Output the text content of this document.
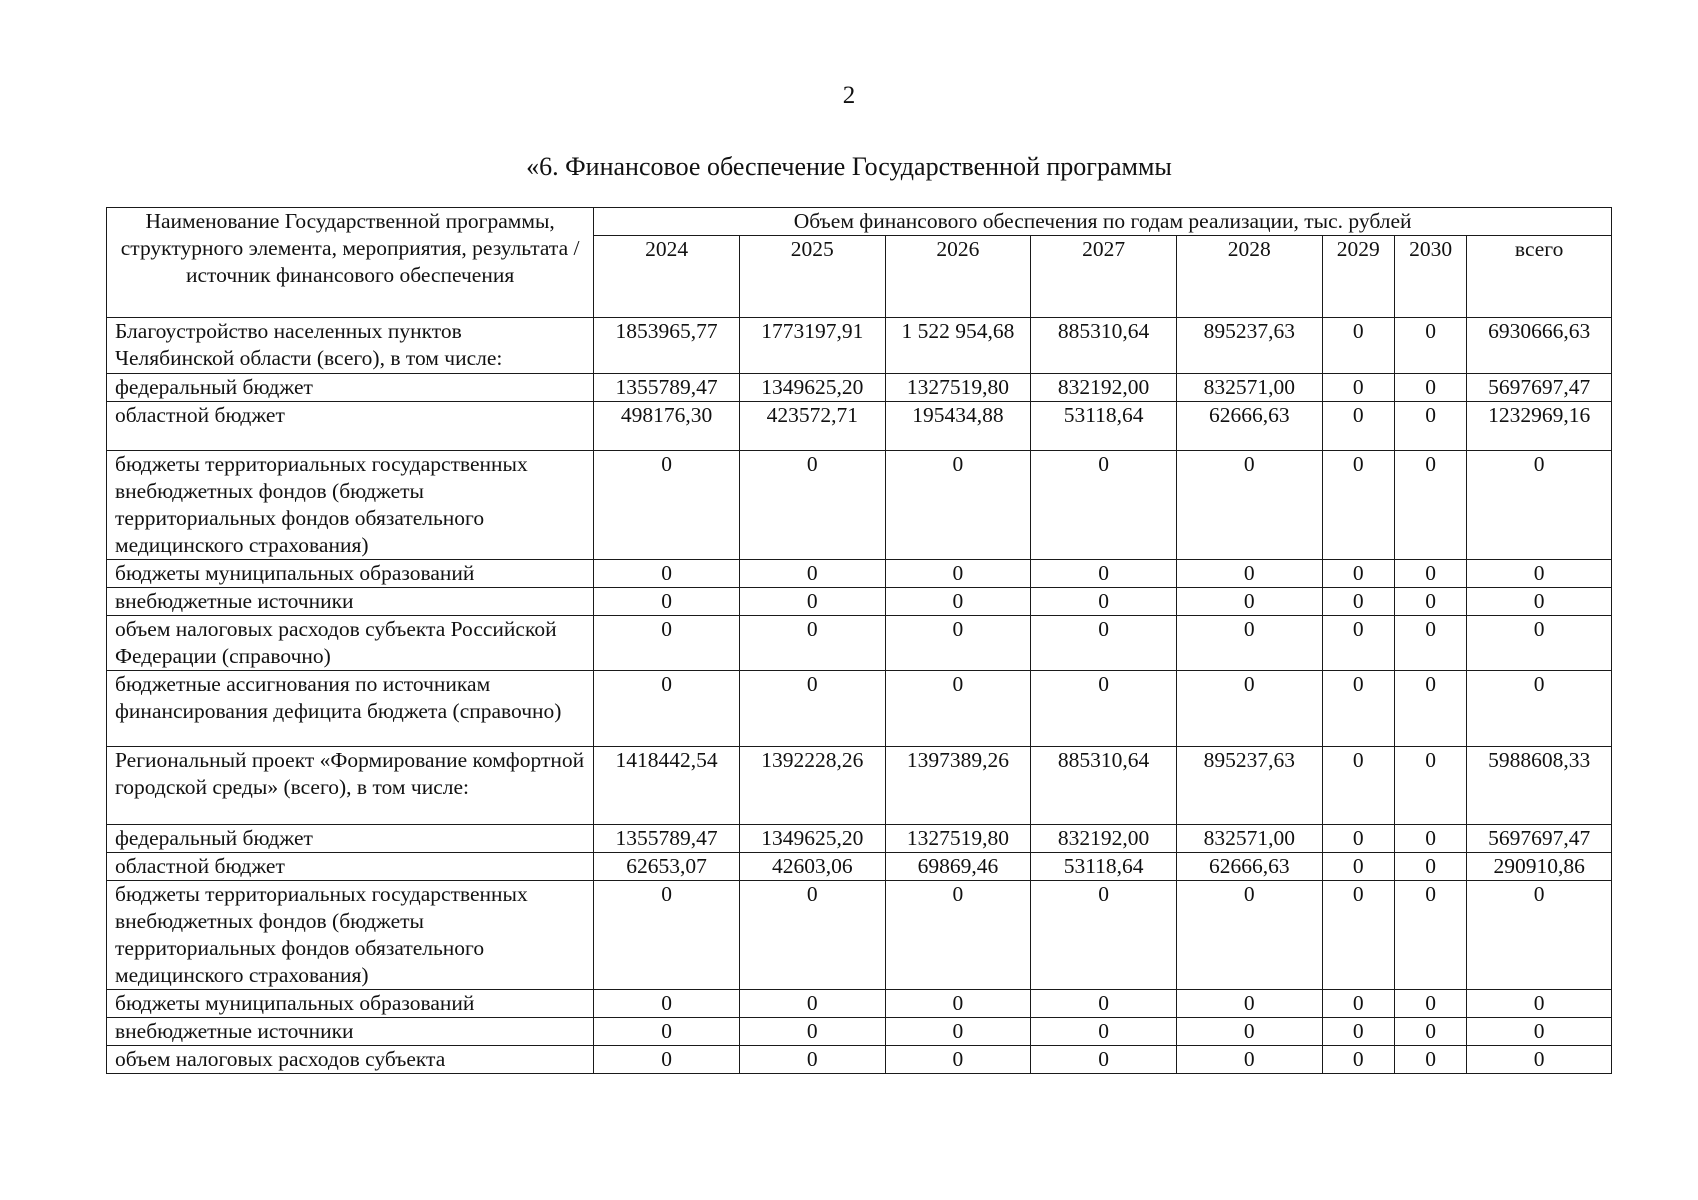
2
«6. Финансовое обеспечение Государственной программы
Наименование Государственной программы, структурного элемента, мероприятия, результата / источник финансового обеспечения	Объем финансового обеспечения по годам реализации, тыс. рублей							
	2024	2025	2026	2027	2028	2029	2030	всего
Благоустройство населенных пунктов Челябинской области (всего), в том числе:	1853965,77	1773197,91	1 522 954,68	885310,64	895237,63	0	0	6930666,63
федеральный бюджет	1355789,47	1349625,20	1327519,80	832192,00	832571,00	0	0	5697697,47
областной бюджет	498176,30	423572,71	195434,88	53118,64	62666,63	0	0	1232969,16
бюджеты территориальных государственных внебюджетных фондов (бюджеты территориальных фондов обязательного медицинского страхования)	0	0	0	0	0	0	0	0
бюджеты муниципальных образований	0	0	0	0	0	0	0	0
внебюджетные источники	0	0	0	0	0	0	0	0
объем налоговых расходов субъекта Российской Федерации (справочно)	0	0	0	0	0	0	0	0
бюджетные ассигнования по источникам финансирования дефицита бюджета (справочно)	0	0	0	0	0	0	0	0
Региональный проект «Формирование комфортной городской среды» (всего), в том числе:	1418442,54	1392228,26	1397389,26	885310,64	895237,63	0	0	5988608,33
федеральный бюджет	1355789,47	1349625,20	1327519,80	832192,00	832571,00	0	0	5697697,47
областной бюджет	62653,07	42603,06	69869,46	53118,64	62666,63	0	0	290910,86
бюджеты территориальных государственных внебюджетных фондов (бюджеты территориальных фондов обязательного медицинского страхования)	0	0	0	0	0	0	0	0
бюджеты муниципальных образований	0	0	0	0	0	0	0	0
внебюджетные источники	0	0	0	0	0	0	0	0
объем налоговых расходов субъекта	0	0	0	0	0	0	0	0
